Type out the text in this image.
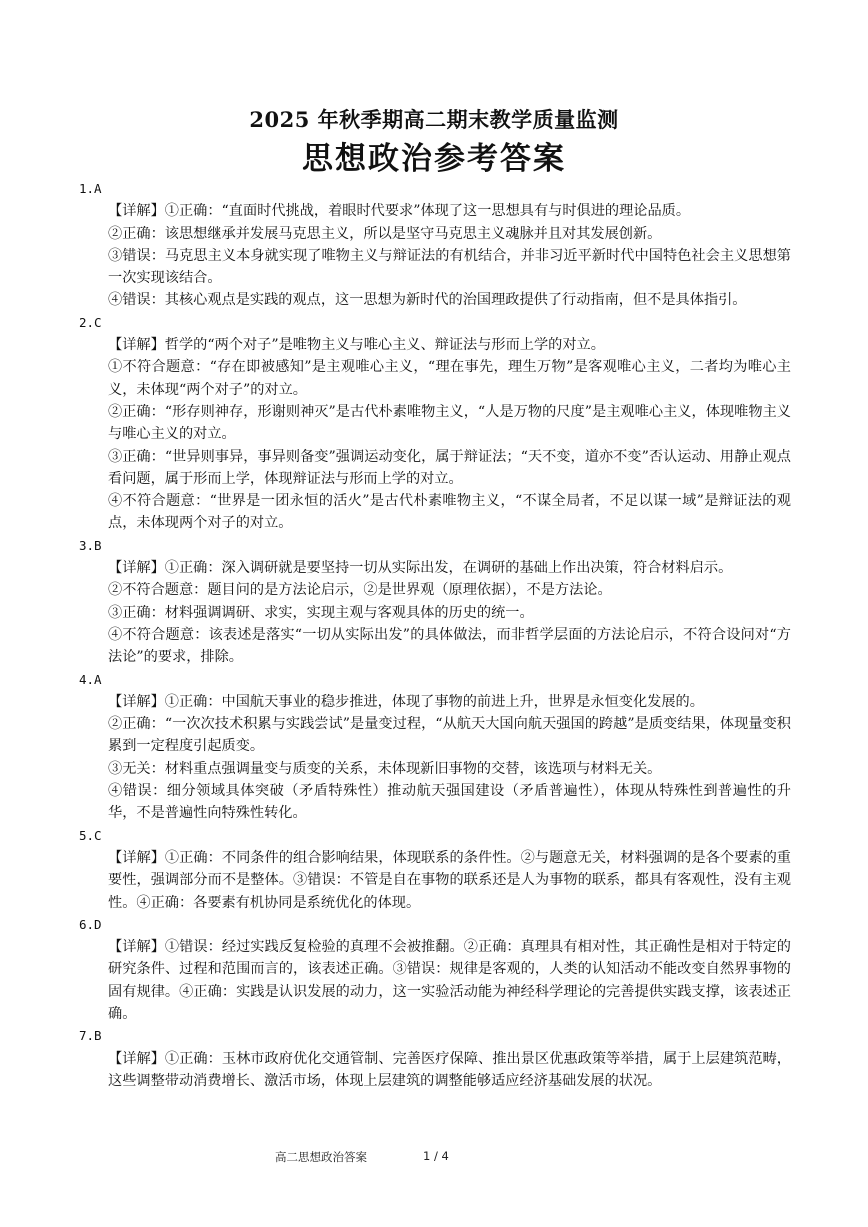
2025 年秋季期高二期末教学质量监测
思想政治参考答案
1.A

【详解】①正确：“直面时代挑战，着眼时代要求”体现了这一思想具有与时俱进的理论品质。

②正确：该思想继承并发展马克思主义，所以是坚守马克思主义魂脉并且对其发展创新。

③错误：马克思主义本身就实现了唯物主义与辩证法的有机结合，并非习近平新时代中国特色社会主义思想第一次实现该结合。

④错误：其核心观点是实践的观点，这一思想为新时代的治国理政提供了行动指南，但不是具体指引。

2.C

【详解】哲学的“两个对子”是唯物主义与唯心主义、辩证法与形而上学的对立。

①不符合题意：“存在即被感知”是主观唯心主义，“理在事先，理生万物”是客观唯心主义，二者均为唯心主义，未体现“两个对子”的对立。

②正确：“形存则神存，形谢则神灭”是古代朴素唯物主义，“人是万物的尺度”是主观唯心主义，体现唯物主义与唯心主义的对立。

③正确：“世异则事异，事异则备变”强调运动变化，属于辩证法；“天不变，道亦不变”否认运动、用静止观点看问题，属于形而上学，体现辩证法与形而上学的对立。

④不符合题意：“世界是一团永恒的活火”是古代朴素唯物主义，“不谋全局者，不足以谋一域”是辩证法的观点，未体现两个对子的对立。

3.B

【详解】①正确：深入调研就是要坚持一切从实际出发，在调研的基础上作出决策，符合材料启示。

②不符合题意：题目问的是方法论启示，②是世界观（原理依据），不是方法论。

③正确：材料强调调研、求实，实现主观与客观具体的历史的统一。

④不符合题意：该表述是落实“一切从实际出发”的具体做法，而非哲学层面的方法论启示，不符合设问对“方法论”的要求，排除。

4.A

【详解】①正确：中国航天事业的稳步推进，体现了事物的前进上升，世界是永恒变化发展的。

②正确：“一次次技术积累与实践尝试”是量变过程，“从航天大国向航天强国的跨越”是质变结果，体现量变积累到一定程度引起质变。

③无关：材料重点强调量变与质变的关系，未体现新旧事物的交替，该选项与材料无关。

④错误：细分领域具体突破（矛盾特殊性）推动航天强国建设（矛盾普遍性），体现从特殊性到普遍性的升华，不是普遍性向特殊性转化。

5.C

【详解】①正确：不同条件的组合影响结果，体现联系的条件性。②与题意无关，材料强调的是各个要素的重要性，强调部分而不是整体。③错误：不管是自在事物的联系还是人为事物的联系，都具有客观性，没有主观性。④正确：各要素有机协同是系统优化的体现。

6.D

【详解】①错误：经过实践反复检验的真理不会被推翻。②正确：真理具有相对性，其正确性是相对于特定的研究条件、过程和范围而言的，该表述正确。③错误：规律是客观的，人类的认知活动不能改变自然界事物的固有规律。④正确：实践是认识发展的动力，这一实验活动能为神经科学理论的完善提供实践支撑，该表述正确。

7.B

【详解】①正确：玉林市政府优化交通管制、完善医疗保障、推出景区优惠政策等举措，属于上层建筑范畴，这些调整带动消费增长、激活市场，体现上层建筑的调整能够适应经济基础发展的状况。

高二思想政治答案	1 / 4
